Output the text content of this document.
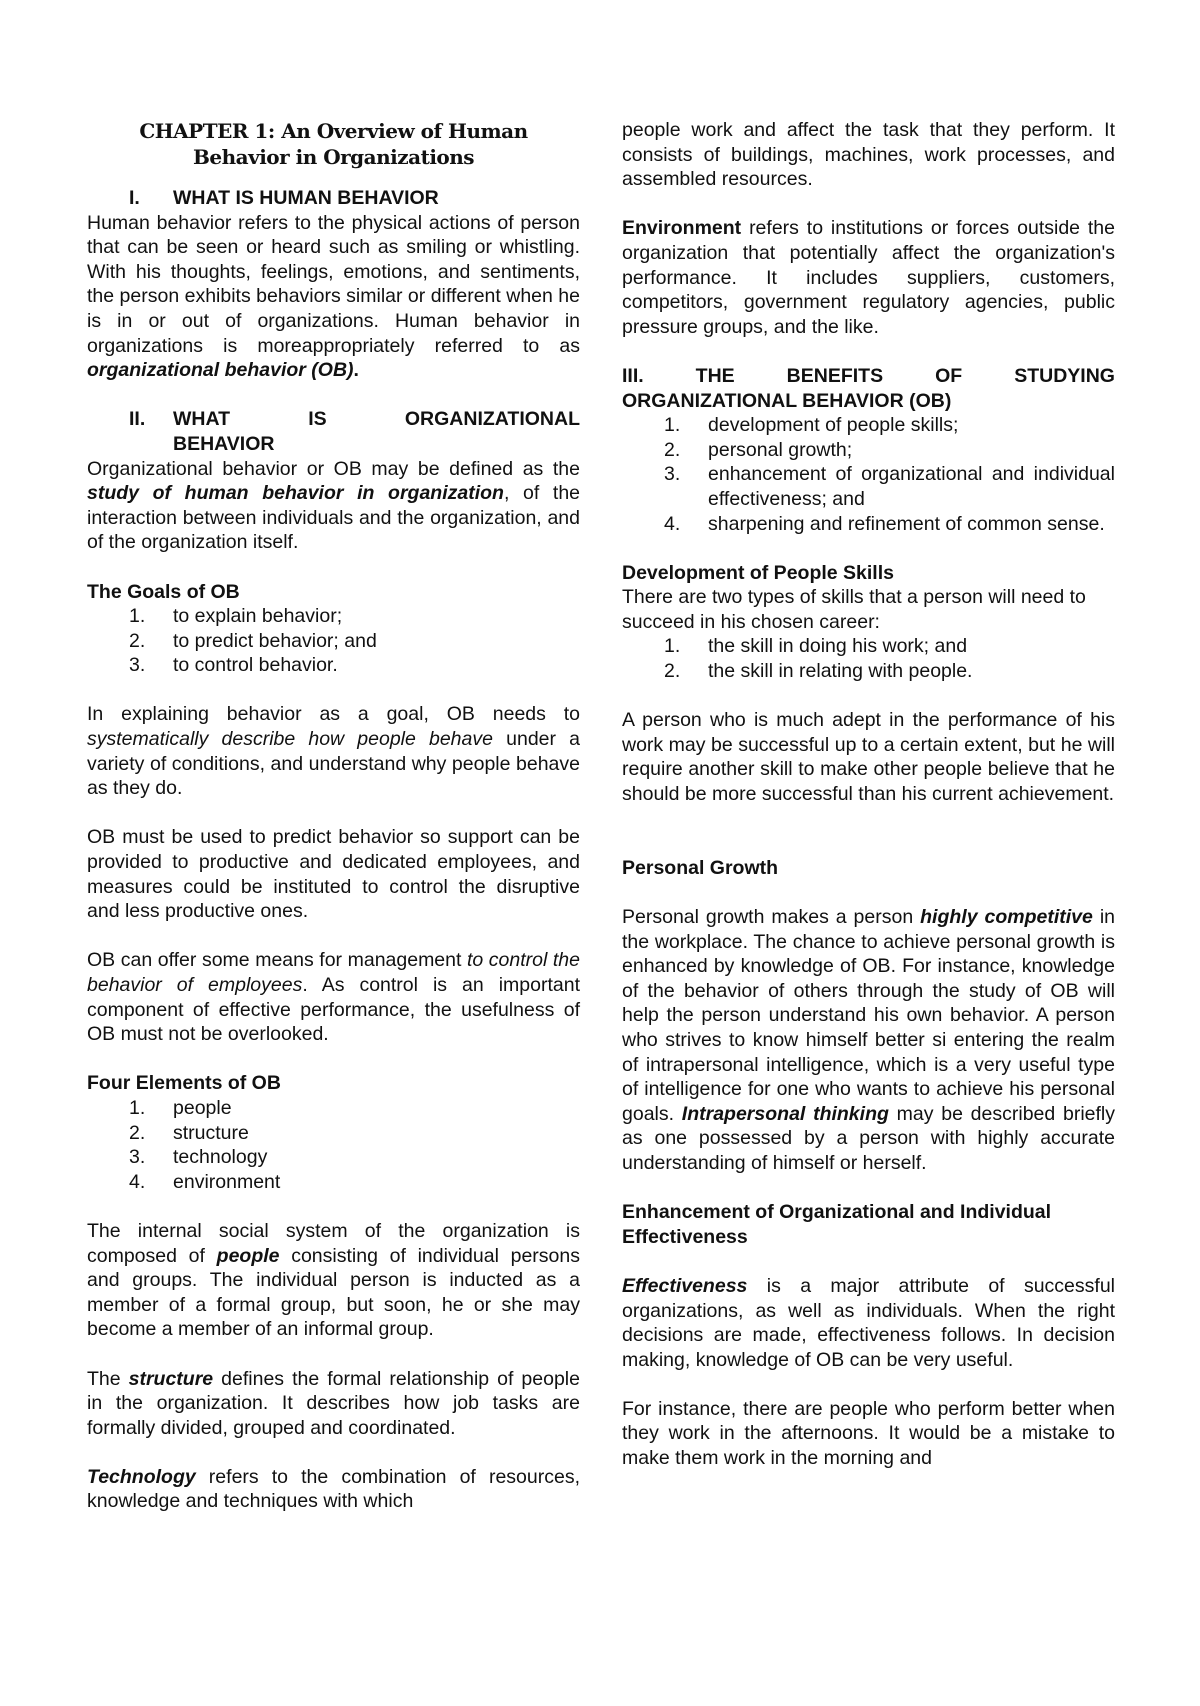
CHAPTER 1: An Overview of Human
Behavior in Organizations
I.	WHAT IS HUMAN BEHAVIOR

Human behavior refers to the physical actions of person that can be seen or heard such as smiling or whistling. With his thoughts, feelings, emotions, and sentiments, the person exhibits behaviors similar or different when he is in or out of organizations. Human behavior in organizations is moreappropriately referred to as organizational behavior (OB).

II.	WHAT	IS	ORGANIZATIONAL
BEHAVIOR

Organizational behavior or OB may be defined as the study of human behavior in organization, of the interaction between individuals and the organization, and of the organization itself.

The Goals of OB

1.	to explain behavior;
2.	to predict behavior; and
3.	to control behavior.

In explaining behavior as a goal, OB needs to systematically describe how people behave under a variety of conditions, and understand why people behave as they do.

OB must be used to predict behavior so support can be provided to productive and dedicated employees, and measures could be instituted to control the disruptive and less productive ones.

OB can offer some means for management to control the behavior of employees. As control is an important component of effective performance, the usefulness of OB must not be overlooked.

Four Elements of OB

1.	people
2.	structure
3.	technology
4.	environment

The internal social system of the organization is composed of people consisting of individual persons and groups. The individual person is inducted as a member of a formal group, but soon, he or she may become a member of an informal group.

The structure defines the formal relationship of people in the organization. It describes how job tasks are formally divided, grouped and coordinated.

Technology refers to the combination of resources, knowledge and techniques with which

people work and affect the task that they perform. It consists of buildings, machines, work processes, and assembled resources.

Environment refers to institutions or forces outside the organization that potentially affect the organization's performance. It includes suppliers, customers, competitors, government regulatory agencies, public pressure groups, and the like.

III.	THE	BENEFITS	OF	STUDYING
ORGANIZATIONAL BEHAVIOR (OB)
1.	development of people skills;
2.	personal growth;
3.	enhancement of organizational and individual effectiveness; and
4.	sharpening and refinement of common sense.

Development of People Skills

There are two types of skills that a person will need to succeed in his chosen career:

1.	the skill in doing his work; and
2.	the skill in relating with people.

A person who is much adept in the performance of his work may be successful up to a certain extent, but he will require another skill to make other people believe that he should be more successful than his current achievement.

Personal Growth

Personal growth makes a person highly competitive in the workplace. The chance to achieve personal growth is enhanced by knowledge of OB. For instance, knowledge of the behavior of others through the study of OB will help the person understand his own behavior. A person who strives to know himself better si entering the realm of intrapersonal intelligence, which is a very useful type of intelligence for one who wants to achieve his personal goals. Intrapersonal thinking may be described briefly as one possessed by a person with highly accurate understanding of himself or herself.

Enhancement of Organizational and Individual Effectiveness

Effectiveness is a major attribute of successful organizations, as well as individuals. When the right decisions are made, effectiveness follows. In decision making, knowledge of OB can be very useful.

For instance, there are people who perform better when they work in the afternoons. It would be a mistake to make them work in the morning and
